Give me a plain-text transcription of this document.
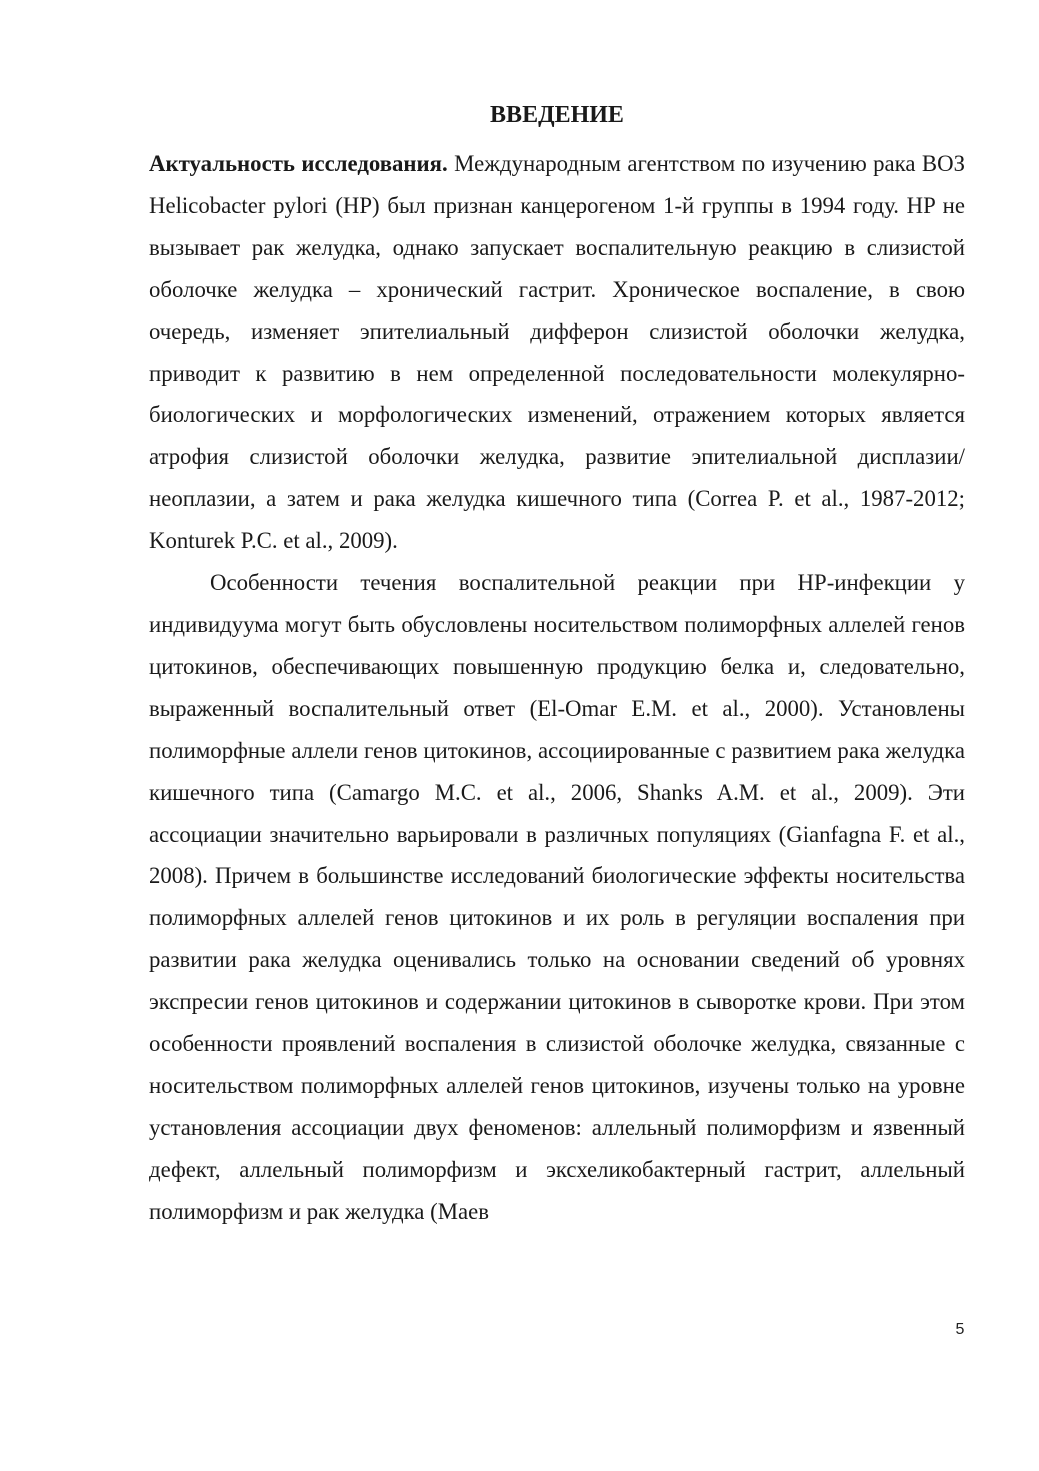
ВВЕДЕНИЕ

Актуальность исследования. Международным агентством по изучению рака ВОЗ Helicobacter pylori (HP) был признан канцерогеном 1-й группы в 1994 году. HP не вызывает рак желудка, однако запускает воспалительную реакцию в слизистой оболочке желудка – хронический гастрит. Хроническое воспаление, в свою очередь, изменяет эпителиальный дифферон слизистой оболочки желудка, приводит к развитию в нем определенной последовательности молекулярно-биологических и морфологических изменений, отражением которых является атрофия слизистой оболочки желудка, развитие эпителиальной дисплазии/неоплазии, а затем и рака желудка кишечного типа (Correa P. et al., 1987-2012; Konturek P.C. et al., 2009).

Особенности течения воспалительной реакции при HP-инфекции у индивидуума могут быть обусловлены носительством полиморфных аллелей генов цитокинов, обеспечивающих повышенную продукцию белка и, следовательно, выраженный воспалительный ответ (El-Omar E.M. et al., 2000). Установлены полиморфные аллели генов цитокинов, ассоциированные с развитием рака желудка кишечного типа (Camargo M.C. et al., 2006, Shanks A.M. et al., 2009). Эти ассоциации значительно варьировали в различных популяциях (Gianfagna F. et al., 2008). Причем в большинстве исследований биологические эффекты носительства полиморфных аллелей генов цитокинов и их роль в регуляции воспаления при развитии рака желудка оценивались только на основании сведений об уровнях экспресии генов цитокинов и содержании цитокинов в сыворотке крови. При этом особенности проявлений воспаления в слизистой оболочке желудка, связанные с носительством полиморфных аллелей генов цитокинов, изучены только на уровне установления ассоциации двух феноменов: аллельный полиморфизм и язвенный дефект, аллельный полиморфизм и эксхеликобактерный гастрит, аллельный полиморфизм и рак желудка (Маев

5
